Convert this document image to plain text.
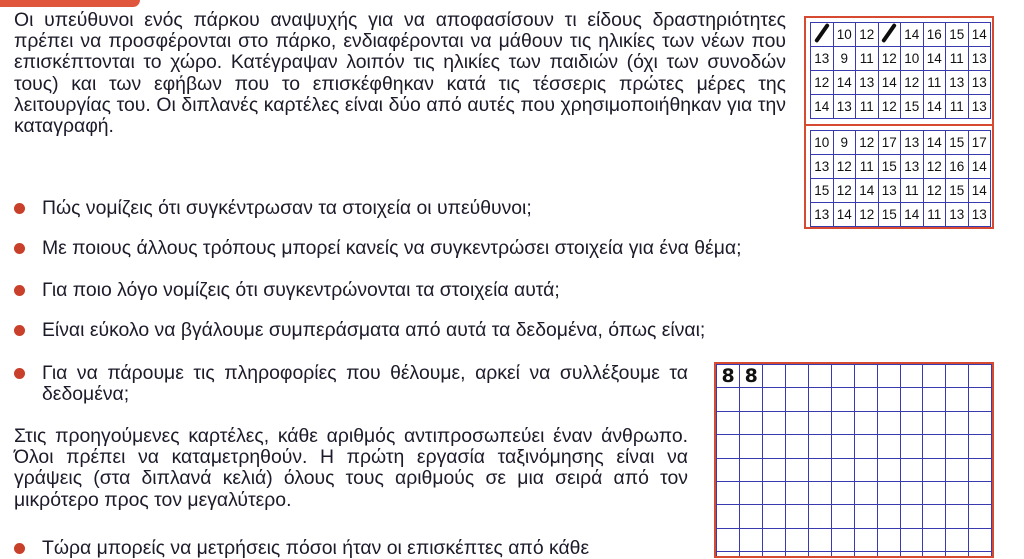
Οι υπεύθυνοι ενός πάρκου αναψυχής για να αποφασίσουν τι είδους δραστηριότητες πρέπει να προσφέρονται στο πάρκο, ενδιαφέρονται να μάθουν τις ηλικίες των νέων που επισκέπτονται το χώρο. Κατέγραψαν λοιπόν τις ηλικίες των παιδιών (όχι των συνοδών τους) και των εφήβων που το επισκέφθηκαν κατά τις τέσσερις πρώτες μέρες της λειτουργίας του. Οι διπλανές καρτέλες είναι δύο από αυτές που χρησιμοποιήθηκαν για την καταγραφή.

Πώς νομίζεις ότι συγκέντρωσαν τα στοιχεία οι υπεύθυνοι;
Με ποιους άλλους τρόπους μπορεί κανείς να συγκεντρώσει στοιχεία για ένα θέμα;
Για ποιο λόγο νομίζεις ότι συγκεντρώνονται τα στοιχεία αυτά;
Είναι εύκολο να βγάλουμε συμπεράσματα από αυτά τα δεδομένα, όπως είναι;
Για να πάρουμε τις πληροφορίες που θέλουμε, αρκεί να συλλέξουμε τα δεδομένα;
Τώρα μπορείς να μετρήσεις πόσοι ήταν οι επισκέπτες από κάθε

Στις προηγούμενες καρτέλες, κάθε αριθμός αντιπροσωπεύει έναν άνθρωπο. Όλοι πρέπει να καταμετρηθούν. Η πρώτη εργασία ταξινόμησης είναι να γράψεις (στα διπλανά κελιά) όλους τους αριθμούς σε μια σειρά από τον μικρότερο προς τον μεγαλύτερο.

	10	12		14	16	15	14
13	9	11	12	10	14	11	13
12	14	13	14	12	11	13	13
14	13	11	12	15	14	11	13
10	9	12	17	13	14	15	17
13	12	11	15	13	12	16	14
15	12	14	13	11	12	15	14
13	14	12	15	14	11	13	13
8	8										
